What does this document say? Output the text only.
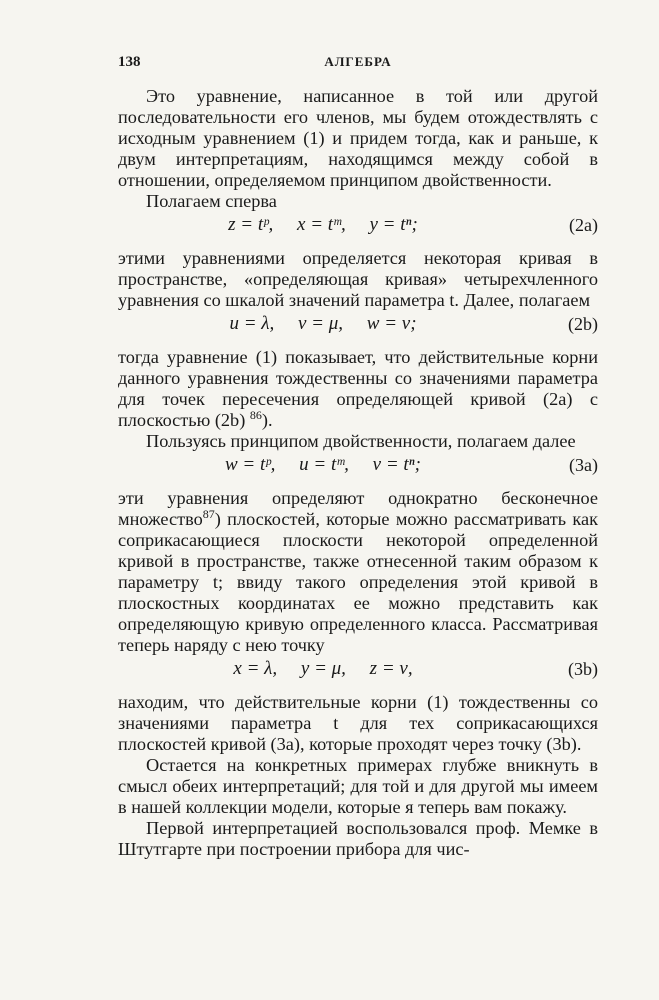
138	АЛГЕБРА

Это уравнение, написанное в той или другой последовательности его членов, мы будем отождествлять с исходным уравнением (1) и придем тогда, как и раньше, к двум интерпретациям, находящимся между собой в отношении, определяемом принципом двойственности.

Полагаем сперва

z = tᵖ,     x = tᵐ,     y = tⁿ;	(2a)

этими уравнениями определяется некоторая кривая в пространстве, «определяющая кривая» четырехчленного уравнения со шкалой значений параметра t. Далее, полагаем

u = λ,     v = μ,     w = ν;	(2b)

тогда уравнение (1) показывает, что действительные корни данного уравнения тождественны со значениями параметра для точек пересечения определяющей кривой (2a) с плоскостью (2b) $^{86}$).

Пользуясь принципом двойственности, полагаем далее

w = tᵖ,     u = tᵐ,     v = tⁿ;	(3a)

эти уравнения определяют однократно бесконечное множество$^{87}$) плоскостей, которые можно рассматривать как соприкасающиеся плоскости некоторой определенной кривой в пространстве, также отнесенной таким образом к параметру t; ввиду такого определения этой кривой в плоскостных координатах ее можно представить как определяющую кривую определенного класса. Рассматривая теперь наряду с нею точку

x = λ,     y = μ,     z = ν,	(3b)

находим, что действительные корни (1) тождественны со значениями параметра t для тех соприкасающихся плоскостей кривой (3a), которые проходят через точку (3b).

Остается на конкретных примерах глубже вникнуть в смысл обеих интерпретаций; для той и для другой мы имеем в нашей коллекции модели, которые я теперь вам покажу.

Первой интерпретацией воспользовался проф. Мемке в Штутгарте при построении прибора для чис-
